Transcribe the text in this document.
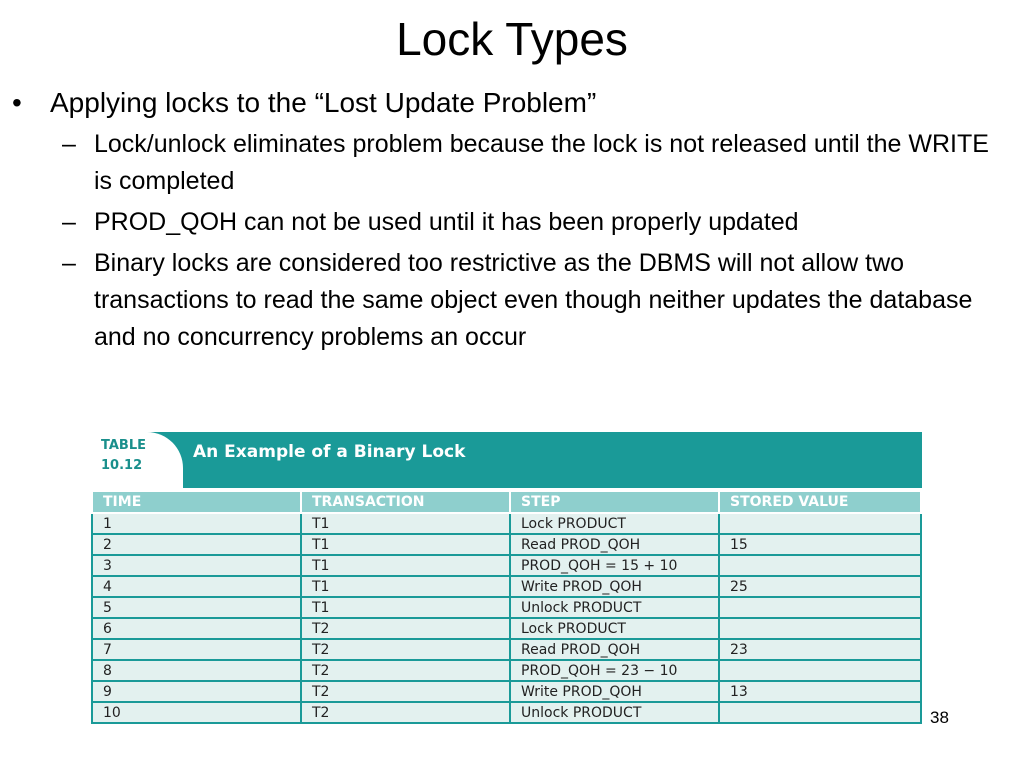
Lock Types
• Applying locks to the “Lost Update Problem”
– Lock/unlock eliminates problem because the lock is not released until the WRITE is completed
– PROD_QOH can not be used until it has been properly updated
– Binary locks are considered too restrictive as the DBMS will not allow two transactions to read the same object even though neither updates the database and no concurrency problems an occur
TABLE
10.12
An Example of a Binary Lock
TIME	TRANSACTION	STEP	STORED VALUE
1	T1	Lock PRODUCT	
2	T1	Read PROD_QOH	15
3	T1	PROD_QOH = 15 + 10	
4	T1	Write PROD_QOH	25
5	T1	Unlock PRODUCT	
6	T2	Lock PRODUCT	
7	T2	Read PROD_QOH	23
8	T2	PROD_QOH = 23 − 10	
9	T2	Write PROD_QOH	13
10	T2	Unlock PRODUCT		38
